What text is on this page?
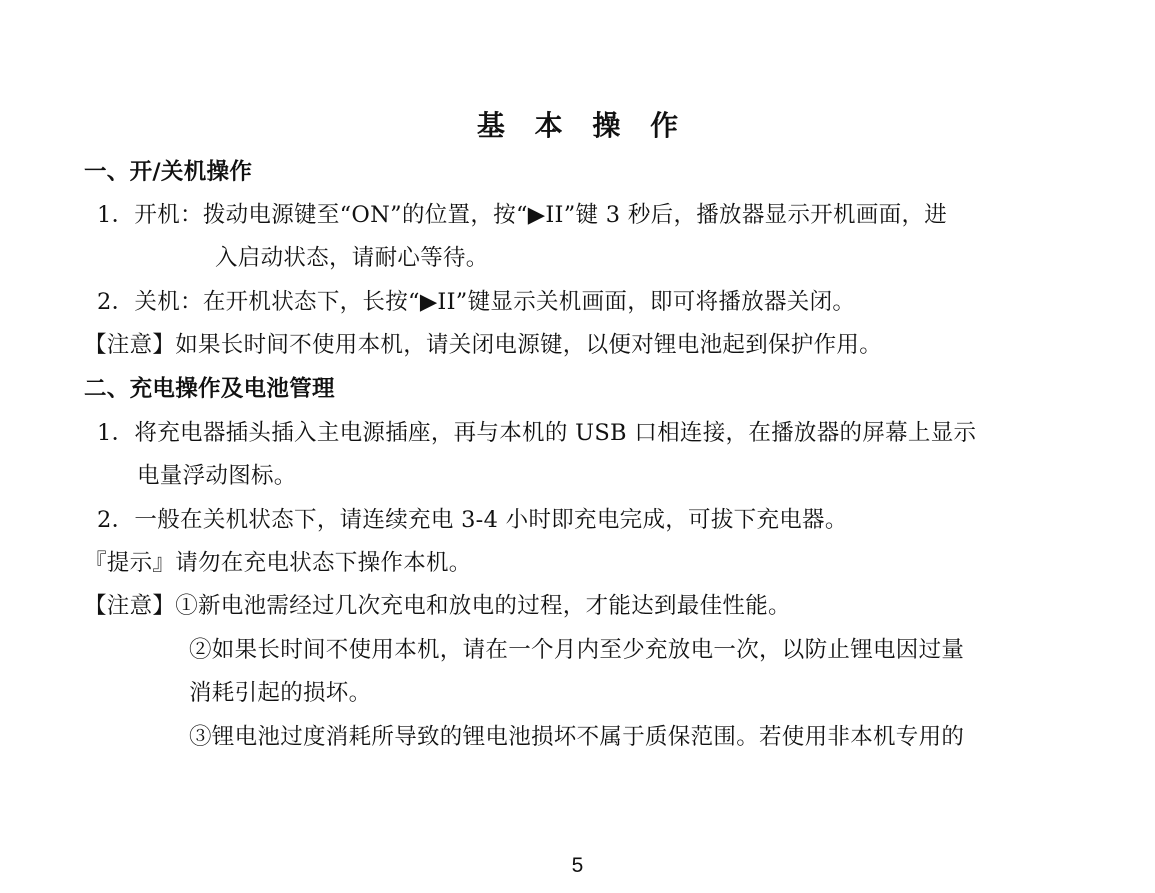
基 本 操 作
一、开/关机操作
1．开机：拨动电源键至“ON”的位置，按“▶II”键 3 秒后，播放器显示开机画面，进
入启动状态，请耐心等待。
2．关机：在开机状态下，长按“▶II”键显示关机画面，即可将播放器关闭。
【注意】如果长时间不使用本机，请关闭电源键，以便对锂电池起到保护作用。
二、充电操作及电池管理
1．将充电器插头插入主电源插座，再与本机的 USB 口相连接，在播放器的屏幕上显示
电量浮动图标。
2．一般在关机状态下，请连续充电 3-4 小时即充电完成，可拔下充电器。
『提示』请勿在充电状态下操作本机。
【注意】①新电池需经过几次充电和放电的过程，才能达到最佳性能。
②如果长时间不使用本机，请在一个月内至少充放电一次，以防止锂电因过量
消耗引起的损坏。
③锂电池过度消耗所导致的锂电池损坏不属于质保范围。若使用非本机专用的
5
